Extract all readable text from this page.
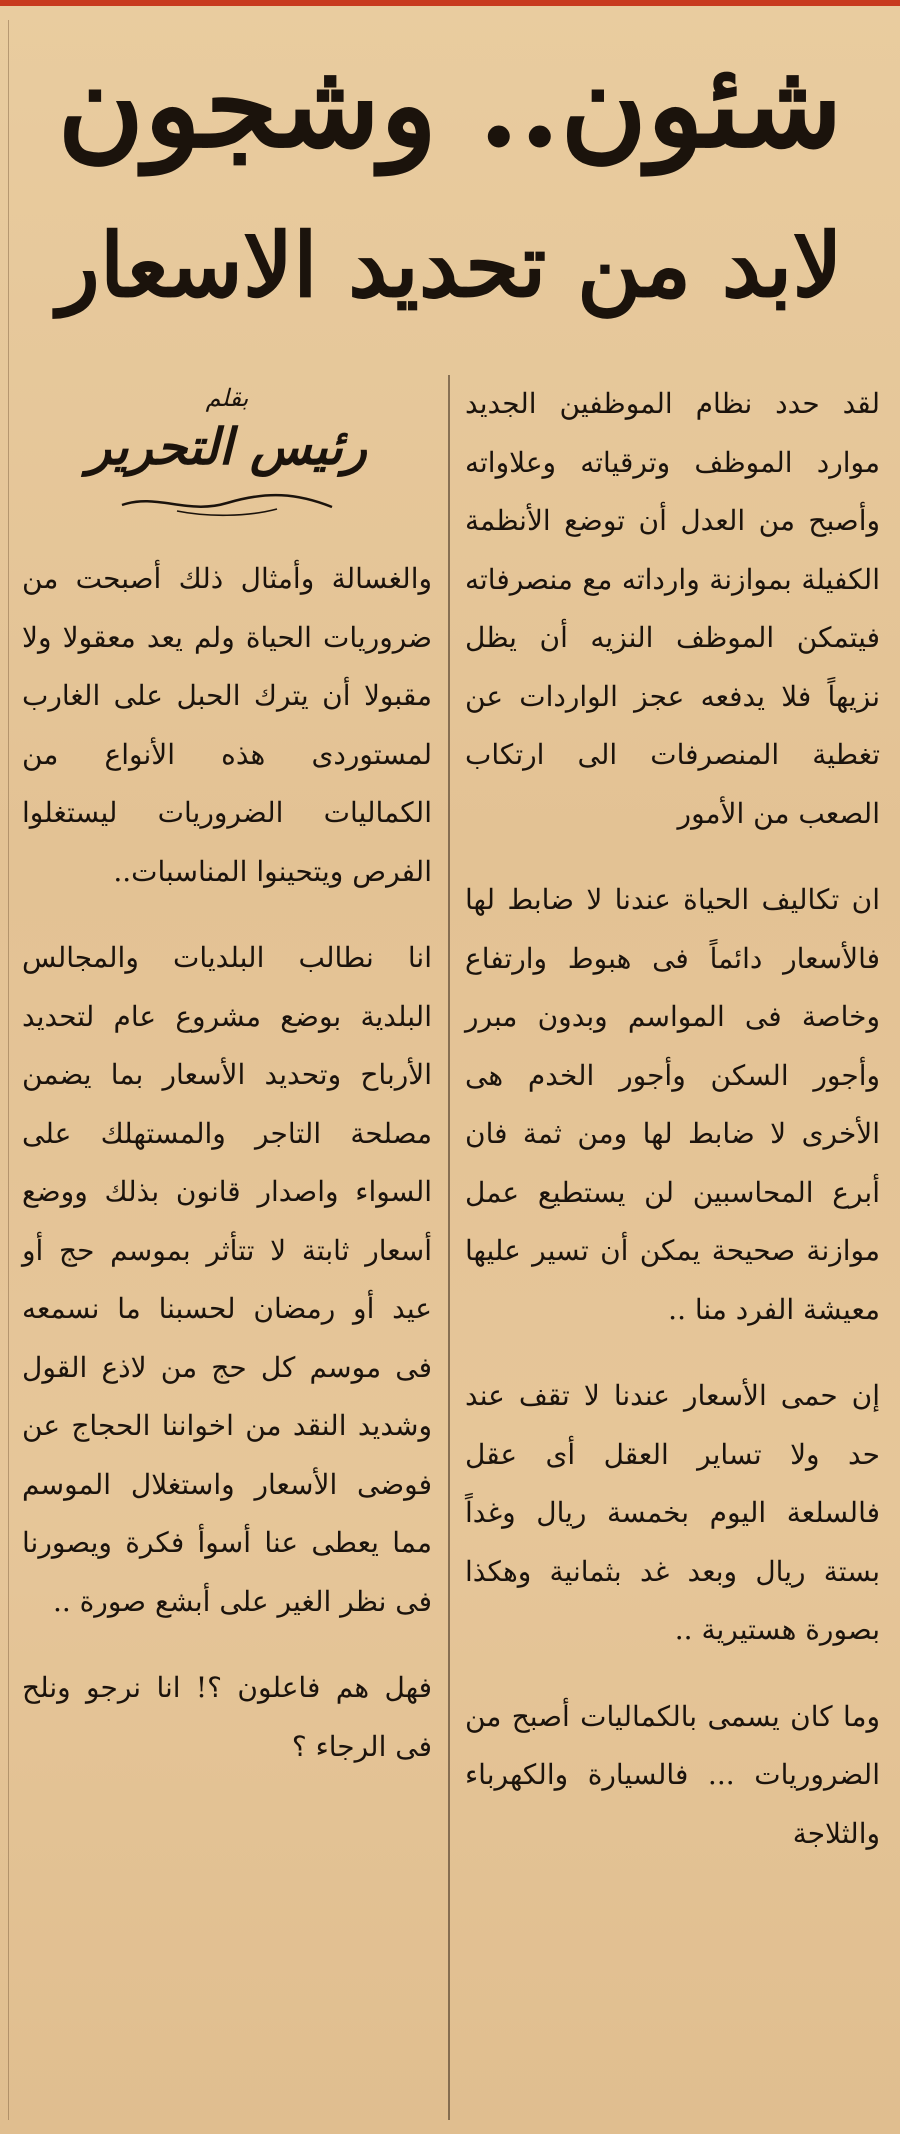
شئون.. وشجون
لابد من تحديد الاسعار

لقد حدد نظام الموظفين الجديد موارد الموظف وترقياته وعلاواته وأصبح من العدل أن توضع الأنظمة الكفيلة بموازنة وارداته مع منصرفاته فيتمكن الموظف النزيه أن يظل نزيهاً فلا يدفعه عجز الواردات عن تغطية المنصرفات الى ارتكاب الصعب من الأمور

ان تكاليف الحياة عندنا لا ضابط لها فالأسعار دائماً فى هبوط وارتفاع وخاصة فى المواسم وبدون مبرر وأجور السكن وأجور الخدم هى الأخرى لا ضابط لها ومن ثمة فان أبرع المحاسبين لن يستطيع عمل موازنة صحيحة يمكن أن تسير عليها معيشة الفرد منا ..

إن حمى الأسعار عندنا لا تقف عند حد ولا تساير العقل أى عقل فالسلعة اليوم بخمسة ريال وغداً بستة ريال وبعد غد بثمانية وهكذا بصورة هستيرية ..

وما كان يسمى بالكماليات أصبح من الضروريات ... فالسيارة والكهرباء والثلاجة

بقلم
رئيس التحرير

والغسالة وأمثال ذلك أصبحت من ضروريات الحياة ولم يعد معقولا ولا مقبولا أن يترك الحبل على الغارب لمستوردى هذه الأنواع من الكماليات الضروريات ليستغلوا الفرص ويتحينوا المناسبات..

انا نطالب البلديات والمجالس البلدية بوضع مشروع عام لتحديد الأرباح وتحديد الأسعار بما يضمن مصلحة التاجر والمستهلك على السواء واصدار قانون بذلك ووضع أسعار ثابتة لا تتأثر بموسم حج أو عيد أو رمضان لحسبنا ما نسمعه فى موسم كل حج من لاذع القول وشديد النقد من اخواننا الحجاج عن فوضى الأسعار واستغلال الموسم مما يعطى عنا أسوأ فكرة ويصورنا فى نظر الغير على أبشع صورة ..

فهل هم فاعلون ؟! انا نرجو ونلح فى الرجاء ؟
